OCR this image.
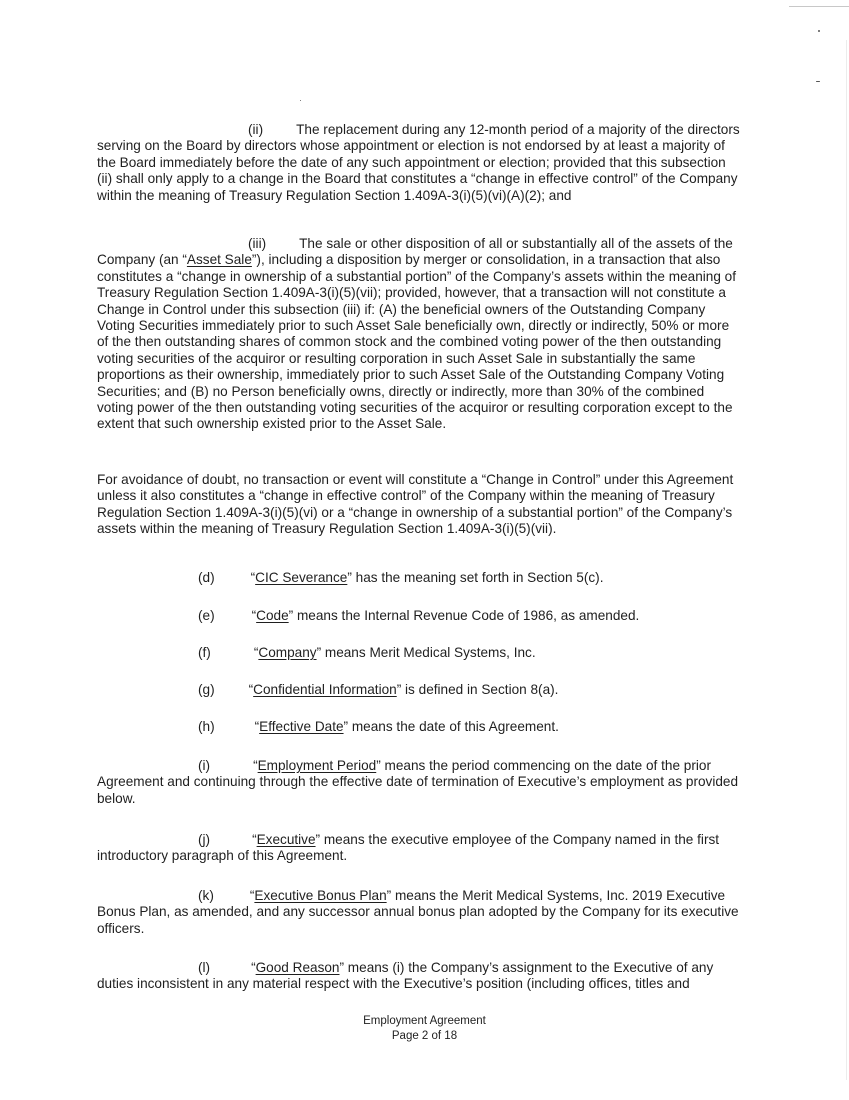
(ii) The replacement during any 12-month period of a majority of the directors serving on the Board by directors whose appointment or election is not endorsed by at least a majority of the Board immediately before the date of any such appointment or election; provided that this subsection (ii) shall only apply to a change in the Board that constitutes a “change in effective control” of the Company within the meaning of Treasury Regulation Section 1.409A-3(i)(5)(vi)(A)(2); and

(iii) The sale or other disposition of all or substantially all of the assets of the Company (an “Asset Sale”), including a disposition by merger or consolidation, in a transaction that also constitutes a “change in ownership of a substantial portion” of the Company’s assets within the meaning of Treasury Regulation Section 1.409A-3(i)(5)(vii); provided, however, that a transaction will not constitute a Change in Control under this subsection (iii) if: (A) the beneficial owners of the Outstanding Company Voting Securities immediately prior to such Asset Sale beneficially own, directly or indirectly, 50% or more of the then outstanding shares of common stock and the combined voting power of the then outstanding voting securities of the acquiror or resulting corporation in such Asset Sale in substantially the same proportions as their ownership, immediately prior to such Asset Sale of the Outstanding Company Voting Securities; and (B) no Person beneficially owns, directly or indirectly, more than 30% of the combined voting power of the then outstanding voting securities of the acquiror or resulting corporation except to the extent that such ownership existed prior to the Asset Sale.

For avoidance of doubt, no transaction or event will constitute a “Change in Control” under this Agreement unless it also constitutes a “change in effective control” of the Company within the meaning of Treasury Regulation Section 1.409A-3(i)(5)(vi) or a “change in ownership of a substantial portion” of the Company’s assets within the meaning of Treasury Regulation Section 1.409A-3(i)(5)(vii).

(d)	“CIC Severance” has the meaning set forth in Section 5(c).

(e)	“Code” means the Internal Revenue Code of 1986, as amended.

(f)	“Company” means Merit Medical Systems, Inc.

(g)	“Confidential Information” is defined in Section 8(a).

(h)	“Effective Date” means the date of this Agreement.

(i)	“Employment Period” means the period commencing on the date of the prior Agreement and continuing through the effective date of termination of Executive’s employment as provided below.

(j)	“Executive” means the executive employee of the Company named in the first introductory paragraph of this Agreement.

(k)	“Executive Bonus Plan” means the Merit Medical Systems, Inc. 2019 Executive Bonus Plan, as amended, and any successor annual bonus plan adopted by the Company for its executive officers.

(l)	“Good Reason” means (i) the Company’s assignment to the Executive of any duties inconsistent in any material respect with the Executive’s position (including offices, titles and

Employment Agreement
Page 2 of 18
